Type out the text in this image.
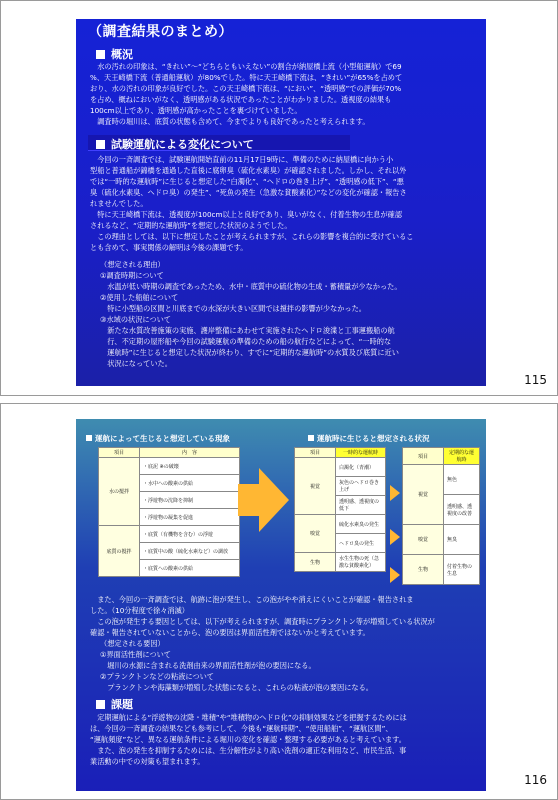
（調査結果のまとめ）
概況
　水の汚れの印象は、“きれい”～“どちらともいえない”の割合が納屋橋上流（小型船運航）で69
%、天王崎橋下流（普通船運航）が80%でした。特に天王崎橋下流は、“きれい”が65%を占めて
おり、水の汚れの印象が良好でした。この天王崎橋下流は、“におい”、“透明感”での評価が70%
を占め、概ねにおいがなく、透明感がある状況であったことがわかりました。透視度の結果も
100cm以上であり、透明感が高かったことを裏づけていました。
　調査時の堀川は、底質の状態も含めて、今までよりも良好であったと考えられます。
試験運航による変化について
　今回の一斉調査では、試験運航開始直前の11月17日9時に、準備のために納屋橋に向かう小
型船と普通船が錦橋を通過した直後に腐卵臭（硫化水素臭）が確認されました。しかし、それ以外
では“一時的な運航時”に生じると想定した“白濁化”、“ヘドロの巻き上げ”、“透明感の低下”、“悪
臭（硫化水素臭、ヘドロ臭）の発生”、“死魚の発生（急激な貧酸素化）”などの変化が確認・報告さ
れませんでした。
　特に天王崎橋下流は、透視度が100cm以上と良好であり、臭いがなく、付着生物の生息が確認
されるなど、“定期的な運航時”を想定した状況のようでした。
　この理由としては、以下に想定したことが考えられますが、これらの影響を複合的に受けているこ
とも含めて、事実関係の解明は今後の課題です。
（想定される理由）
①調査時期について
　水温が低い時期の調査であったため、水中・底質中の硫化物の生成・蓄積量が少なかった。
②使用した船舶について
　特に小型船の区間と川底までの水深が大きい区間では撹拌の影響が少なかった。
③水域の状況について
　新たな水質改善施策の実施、護岸整備にあわせて実施されたヘドロ浚渫と工事運搬船の航
　行、不定期の屋形船や今回の試験運航の準備のための船の航行などによって、“一時的な
　運航時”に生じると想定した状況が終わり、すでに“定期的な運航時”の水質及び底質に近い
　状況になっていた。
115
運航によって生じると想定している現象	運航時に生じると想定される状況
項目	内　容
水の撹拌	・底泥 ※の破壊
	・水中への酸素の供給
	・浮遊物の沈降を抑制
	・浮遊物の凝集を促進
底質の撹拌	・底質（有機物を含む）の浮遊
	・底質中の酸（硫化水素など）の調放
	・底質への酸素の供給
項目	一時的な運航時
視覚	白濁化（青潮）
	灰色のヘドロ巻き上げ
	透明感、透視度の低下
嗅覚	硫化水素臭の発生
	ヘドロ臭の発生
生物	水生生物の死（急激な貧酸素化）
項目	定期的な運航時
視覚	無色
	透明感、透視度の改善
嗅覚	無臭
生物	付着生物の生息
　また、今回の一斉調査では、航跡に泡が発生し、この泡がやや消えにくいことが確認・報告されま
した。（10分程度で徐々消滅）
　この泡が発生する要因としては、以下が考えられますが、調査時にプランクトン等が増殖している状況が
確認・報告されていないことから、泡の要因は界面活性剤ではないかと考えています。
（想定される要因）
①界面活性剤について
　堀川の水源に含まれる洗剤由来の界面活性剤が泡の要因になる。
②プランクトンなどの粘液について
　プランクトンや海藻類が増殖した状態になると、これらの粘液が泡の要因になる。
課題
　定期運航による“浮遊物の沈降・堆積”や“堆積物のヘドロ化”の抑制効果などを把握するためには
は、今回の一斉調査の結果なども参考にして、今後も“運航時期”、“使用船舶”、“運航区間”、
“運航頻度”など、異なる運航条件による堀川の変化を確認・整理する必要があると考えています。
　また、泡の発生を抑制するためには、生分解性がより高い洗剤の適正な利用など、市民生活、事
業活動の中での対策も望まれます。
116
